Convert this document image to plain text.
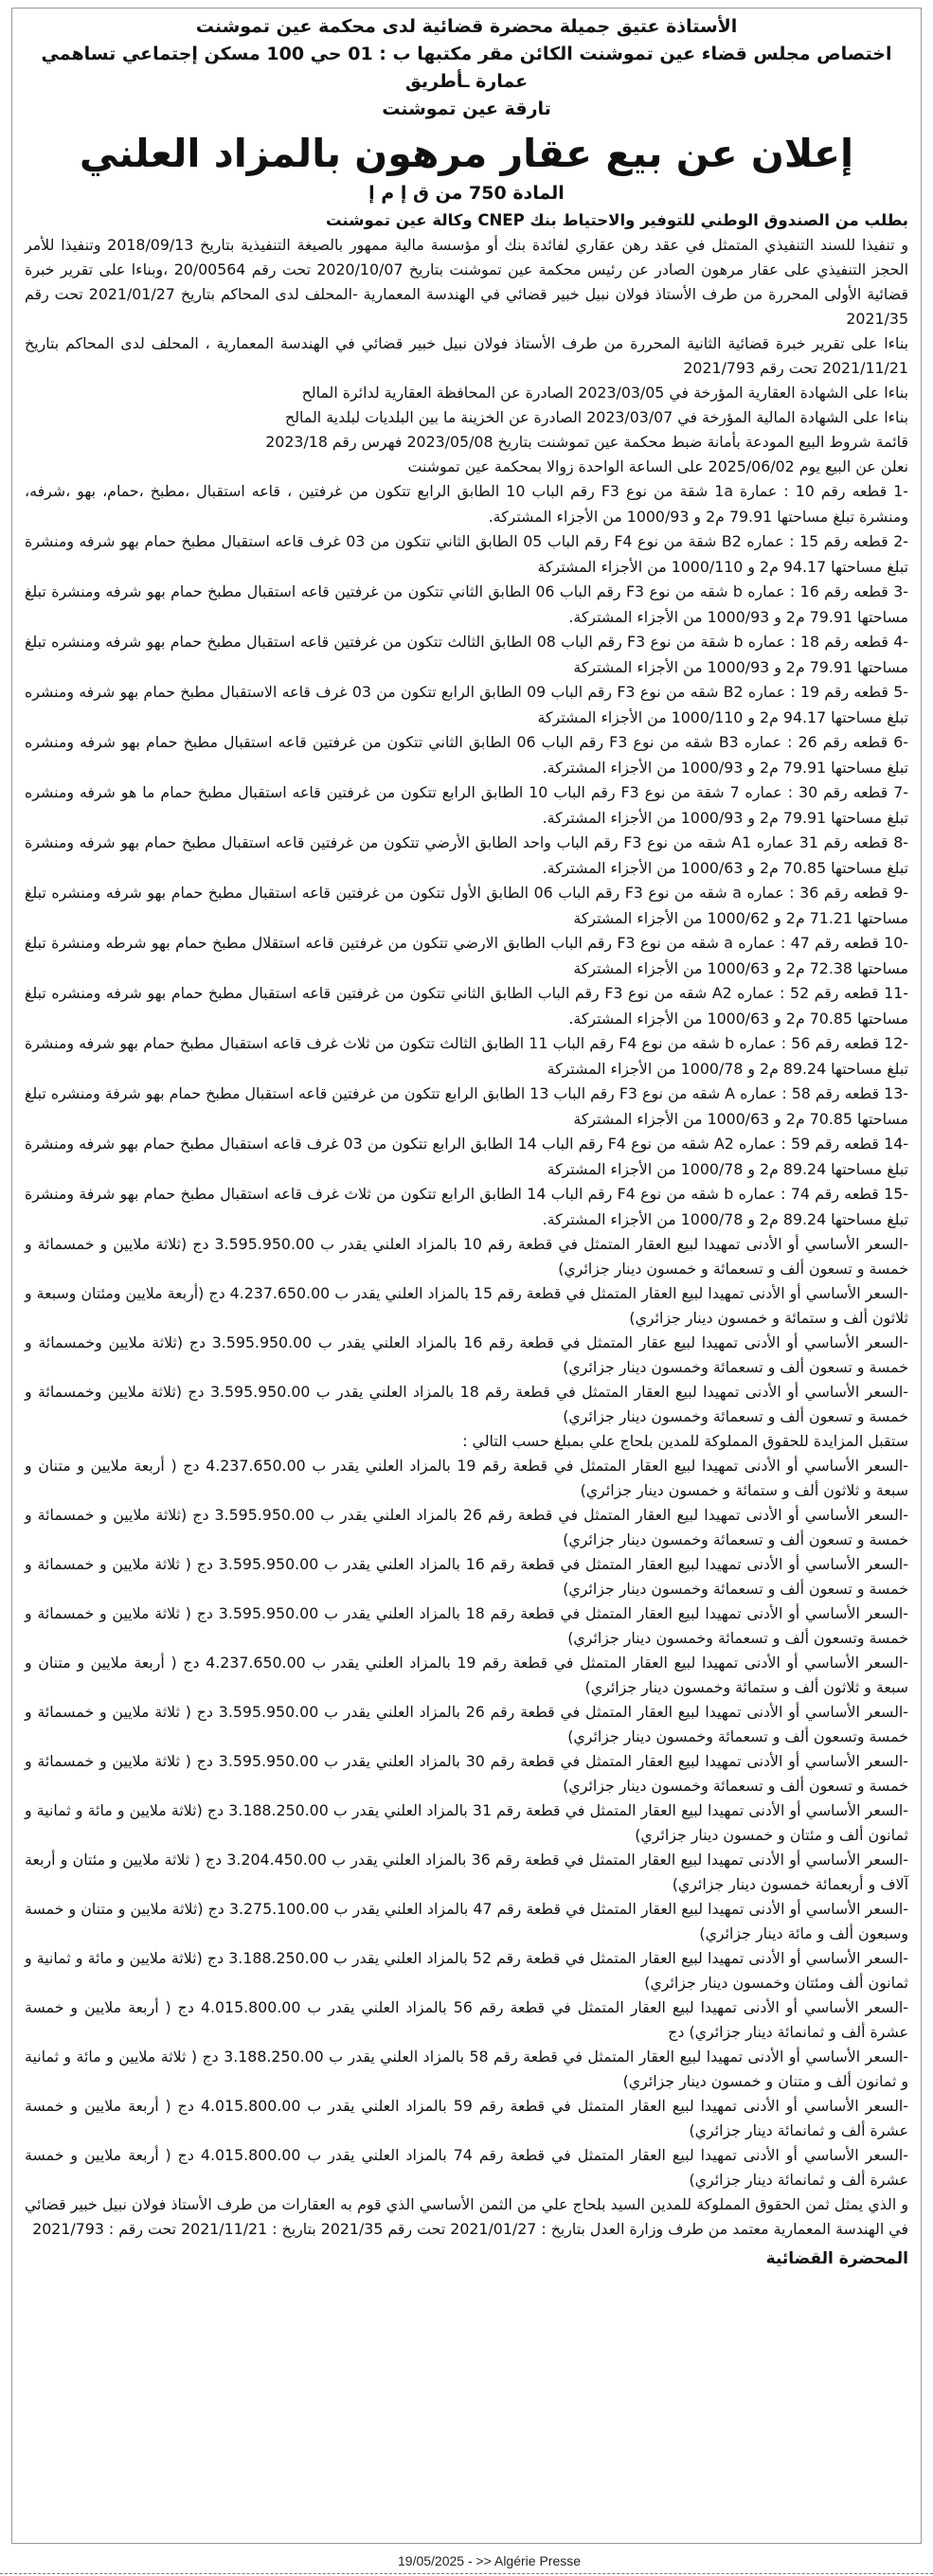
الأستاذة عتيق جميلة محضرة قضائية لدى محكمة عين تموشنت

اختصاص مجلس قضاء عين تموشنت الكائن مقر مكتبها ب : 01 حي 100 مسكن إجتماعي تساهمي عمارة ـأطريق

تارقة عين تموشنت

إعلان عن بيع عقار مرهون بالمزاد العلني

المادة 750 من ق إ م إ

بطلب من الصندوق الوطني للتوفير والاحتياط بنك CNEP وكالة عين تموشنت

و تنفيذا للسند التنفيذي المتمثل في عقد رهن عقاري لفائدة بنك أو مؤسسة مالية ممهور بالصيغة التنفيذية بتاريخ 2018/09/13 وتنفيذا للأمر الحجز التنفيذي على عقار مرهون الصادر عن رئيس محكمة عين تموشنت بتاريخ 2020/10/07 تحت رقم 20/00564 ،وبناءا على تقرير خبرة قضائية الأولى المحررة من طرف الأستاذ فولان نبيل خبير قضائي في الهندسة المعمارية -المحلف لدى المحاكم بتاريخ 2021/01/27 تحت رقم 2021/35

بناءا على تقرير خبرة قضائية الثانية المحررة من طرف الأستاذ فولان نبيل خبير قضائي في الهندسة المعمارية ، المحلف لدى المحاكم بتاريخ 2021/11/21 تحت رقم 2021/793

بناءا على الشهادة العقارية المؤرخة في 2023/03/05 الصادرة عن المحافظة العقارية لدائرة المالح

بناءا على الشهادة المالية المؤرخة في 2023/03/07 الصادرة عن الخزينة ما بين البلديات لبلدية المالح

قائمة شروط البيع المودعة بأمانة ضبط محكمة عين تموشنت بتاريخ 2023/05/08 فهرس رقم 2023/18

نعلن عن البيع يوم 2025/06/02 على الساعة الواحدة زوالا بمحكمة عين تموشنت

-1 قطعه رقم 10 : عمارة 1a شقة من نوع F3 رقم الباب 10 الطابق الرابع تتكون من غرفتين ، قاعه استقبال ،مطبخ ،حمام، بهو ،شرفه، ومنشرة تبلغ مساحتها 79.91 م2 و 1000/93 من الأجزاء المشتركة.

-2 قطعه رقم 15 : عماره B2 شقة من نوع F4 رقم الباب 05 الطابق الثاني تتكون من 03 غرف قاعه استقبال مطبخ حمام بهو شرفه ومنشرة تبلغ مساحتها 94.17 م2 و 1000/110 من الأجزاء المشتركة

-3 قطعه رقم 16 : عماره b شقه من نوع F3 رقم الباب 06 الطابق الثاني تتكون من غرفتين قاعه استقبال مطبخ حمام بهو شرفه ومنشرة تبلغ مساحتها 79.91 م2 و 1000/93 من الأجزاء المشتركة.

-4 قطعه رقم 18 : عماره b شقة من نوع F3 رقم الباب 08 الطابق الثالث تتكون من غرفتين قاعه استقبال مطبخ حمام بهو شرفه ومنشره تبلغ مساحتها 79.91 م2 و 1000/93 من الأجزاء المشتركة

-5 قطعه رقم 19 : عماره B2 شقه من نوع F3 رقم الباب 09 الطابق الرابع تتكون من 03 غرف قاعه الاستقبال مطبخ حمام بهو شرفه ومنشره تبلغ مساحتها 94.17 م2 و 1000/110 من الأجزاء المشتركة

-6 قطعه رقم 26 : عماره B3 شقه من نوع F3 رقم الباب 06 الطابق الثاني تتكون من غرفتين قاعه استقبال مطبخ حمام بهو شرفه ومنشره تبلغ مساحتها 79.91 م2 و 1000/93 من الأجزاء المشتركة.

-7 قطعه رقم 30 : عماره 7 شقة من نوع F3 رقم الباب 10 الطابق الرابع تتكون من غرفتين قاعه استقبال مطبخ حمام ما هو شرفه ومنشره تبلغ مساحتها 79.91 م2 و 1000/93 من الأجزاء المشتركة.

-8 قطعه رقم 31 عماره A1 شقه من نوع F3 رقم الباب واحد الطابق الأرضي تتكون من غرفتين قاعه استقبال مطبخ حمام بهو شرفه ومنشرة تبلغ مساحتها 70.85 م2 و 1000/63 من الأجزاء المشتركة.

-9 قطعه رقم 36 : عماره a شقه من نوع F3 رقم الباب 06 الطابق الأول تتكون من غرفتين قاعه استقبال مطبخ حمام بهو شرفه ومنشره تبلغ مساحتها 71.21 م2 و 1000/62 من الأجزاء المشتركة

-10 قطعه رقم 47 : عماره a شقه من نوع F3 رقم الباب الطابق الارضي تتكون من غرفتين قاعه استقلال مطبخ حمام بهو شرطه ومنشرة تبلغ مساحتها 72.38 م2 و 1000/63 من الأجزاء المشتركة

-11 قطعه رقم 52 : عماره A2 شقه من نوع F3 رقم الباب الطابق الثاني تتكون من غرفتين قاعه استقبال مطبخ حمام بهو شرفه ومنشره تبلغ مساحتها 70.85 م2 و 1000/63 من الأجزاء المشتركة.

-12 قطعه رقم 56 : عماره b شقه من نوع F4 رقم الباب 11 الطابق الثالث تتكون من ثلاث غرف قاعه استقبال مطبخ حمام بهو شرفه ومنشرة تبلغ مساحتها 89.24 م2 و 1000/78 من الأجزاء المشتركة

-13 قطعه رقم 58 : عماره A شقه من نوع F3 رقم الباب 13 الطابق الرابع تتكون من غرفتين قاعه استقبال مطبخ حمام بهو شرفة ومنشره تبلغ مساحتها 70.85 م2 و 1000/63 من الأجزاء المشتركة

-14 قطعه رقم 59 : عماره A2 شقه من نوع F4 رقم الباب 14 الطابق الرابع تتكون من 03 غرف قاعه استقبال مطبخ حمام بهو شرفه ومنشرة تبلغ مساحتها 89.24 م2 و 1000/78 من الأجزاء المشتركة

-15 قطعه رقم 74 : عماره b شقه من نوع F4 رقم الباب 14 الطابق الرابع تتكون من ثلاث غرف قاعه استقبال مطبخ حمام بهو شرفة ومنشرة تبلغ مساحتها 89.24 م2 و 1000/78 من الأجزاء المشتركة.

-السعر الأساسي أو الأدنى تمهيدا لبيع العقار المتمثل في قطعة رقم 10 بالمزاد العلني يقدر ب 3.595.950.00 دج (ثلاثة ملايين و خمسمائة و خمسة و تسعون ألف و تسعمائة و خمسون دينار جزائري)

-السعر الأساسي أو الأدنى تمهيدا لبيع العقار المتمثل في قطعة رقم 15 بالمزاد العلني يقدر ب 4.237.650.00 دج (أربعة ملايين ومئتان وسبعة و ثلاثون ألف و ستمائة و خمسون دينار جزائري)

-السعر الأساسي أو الأدنى تمهيدا لبيع عقار المتمثل في قطعة رقم 16 بالمزاد العلني يقدر ب 3.595.950.00 دج (ثلاثة ملايين وخمسمائة و خمسة و تسعون ألف و تسعمائة وخمسون دينار جزائري)

-السعر الأساسي أو الأدنى تمهيدا لبيع العقار المتمثل في قطعة رقم 18 بالمزاد العلني يقدر ب 3.595.950.00 دج (ثلاثة ملايين وخمسمائة و خمسة و تسعون ألف و تسعمائة وخمسون دينار جزائري)

ستقبل المزايدة للحقوق المملوكة للمدين بلحاج علي بمبلغ حسب التالي :

-السعر الأساسي أو الأدنى تمهيدا لبيع العقار المتمثل في قطعة رقم 19 بالمزاد العلني يقدر ب 4.237.650.00 دج ( أربعة ملايين و متنان و سبعة و ثلاثون ألف و ستمائة و خمسون دينار جزائري)

-السعر الأساسي أو الأدنى تمهيدا لبيع العقار المتمثل في قطعة رقم 26 بالمزاد العلني يقدر ب 3.595.950.00 دج (ثلاثة ملايين و خمسمائة و خمسة و تسعون ألف و تسعمائة وخمسون دينار جزائري)

-السعر الأساسي أو الأدنى تمهيدا لبيع العقار المتمثل في قطعة رقم 16 بالمزاد العلني يقدر ب 3.595.950.00 دج ( ثلاثة ملايين و خمسمائة و خمسة و تسعون ألف و تسعمائة وخمسون دينار جزائري)

-السعر الأساسي أو الأدنى تمهيدا لبيع العقار المتمثل في قطعة رقم 18 بالمزاد العلني يقدر ب 3.595.950.00 دج ( ثلاثة ملايين و خمسمائة و خمسة وتسعون ألف و تسعمائة وخمسون دينار جزائري)

-السعر الأساسي أو الأدنى تمهيدا لبيع العقار المتمثل في قطعة رقم 19 بالمزاد العلني يقدر ب 4.237.650.00 دج ( أربعة ملايين و متنان و سبعة و ثلاثون ألف و ستمائة وخمسون دينار جزائري)

-السعر الأساسي أو الأدنى تمهيدا لبيع العقار المتمثل في قطعة رقم 26 بالمزاد العلني يقدر ب 3.595.950.00 دج ( ثلاثة ملايين و خمسمائة و خمسة وتسعون ألف و تسعمائة وخمسون دينار جزائري)

-السعر الأساسي أو الأدنى تمهيدا لبيع العقار المتمثل في قطعة رقم 30 بالمزاد العلني يقدر ب 3.595.950.00 دج ( ثلاثة ملايين و خمسمائة و خمسة و تسعون ألف و تسعمائة وخمسون دينار جزائري)

-السعر الأساسي أو الأدنى تمهيدا لبيع العقار المتمثل في قطعة رقم 31 بالمزاد العلني يقدر ب 3.188.250.00 دج (ثلاثة ملايين و مائة و ثمانية و ثمانون ألف و مئتان و خمسون دينار جزائري)

-السعر الأساسي أو الأدنى تمهيدا لبيع العقار المتمثل في قطعة رقم 36 بالمزاد العلني يقدر ب 3.204.450.00 دج ( ثلاثة ملايين و مئتان و أربعة آلاف و أربعمائة خمسون دينار جزائري)

-السعر الأساسي أو الأدنى تمهيدا لبيع العقار المتمثل في قطعة رقم 47 بالمزاد العلني يقدر ب 3.275.100.00 دج (ثلاثة ملايين و متنان و خمسة وسبعون ألف و مائة دينار جزائري)

-السعر الأساسي أو الأدنى تمهيدا لبيع العقار المتمثل في قطعة رقم 52 بالمزاد العلني يقدر ب 3.188.250.00 دج (ثلاثة ملايين و مائة و ثمانية و ثمانون ألف ومئتان وخمسون دينار جزائري)

-السعر الأساسي أو الأدنى تمهيدا لبيع العقار المتمثل في قطعة رقم 56 بالمزاد العلني يقدر ب 4.015.800.00 دج ( أربعة ملايين و خمسة عشرة ألف و ثمانمائة دينار جزائري) دج

-السعر الأساسي أو الأدنى تمهيدا لبيع العقار المتمثل في قطعة رقم 58 بالمزاد العلني يقدر ب 3.188.250.00 دج ( ثلاثة ملايين و مائة و ثمانية و ثمانون ألف و متنان و خمسون دينار جزائري)

-السعر الأساسي أو الأدنى تمهيدا لبيع العقار المتمثل في قطعة رقم 59 بالمزاد العلني يقدر ب 4.015.800.00 دج ( أربعة ملايين و خمسة عشرة ألف و ثمانمائة دينار جزائري)

-السعر الأساسي أو الأدنى تمهيدا لبيع العقار المتمثل في قطعة رقم 74 بالمزاد العلني يقدر ب 4.015.800.00 دج ( أربعة ملايين و خمسة عشرة ألف و ثمانمائة دينار جزائري)

و الذي يمثل ثمن الحقوق المملوكة للمدين السيد بلحاج علي من الثمن الأساسي الذي قوم به العقارات من طرف الأستاذ فولان نبيل خبير قضائي في الهندسة المعمارية معتمد من طرف وزارة العدل بتاريخ : 2021/01/27 تحت رقم 2021/35 بتاريخ : 2021/11/21 تحت رقم : 2021/793

المحضرة القضائية
19/05/2025 - >> Algérie Presse
